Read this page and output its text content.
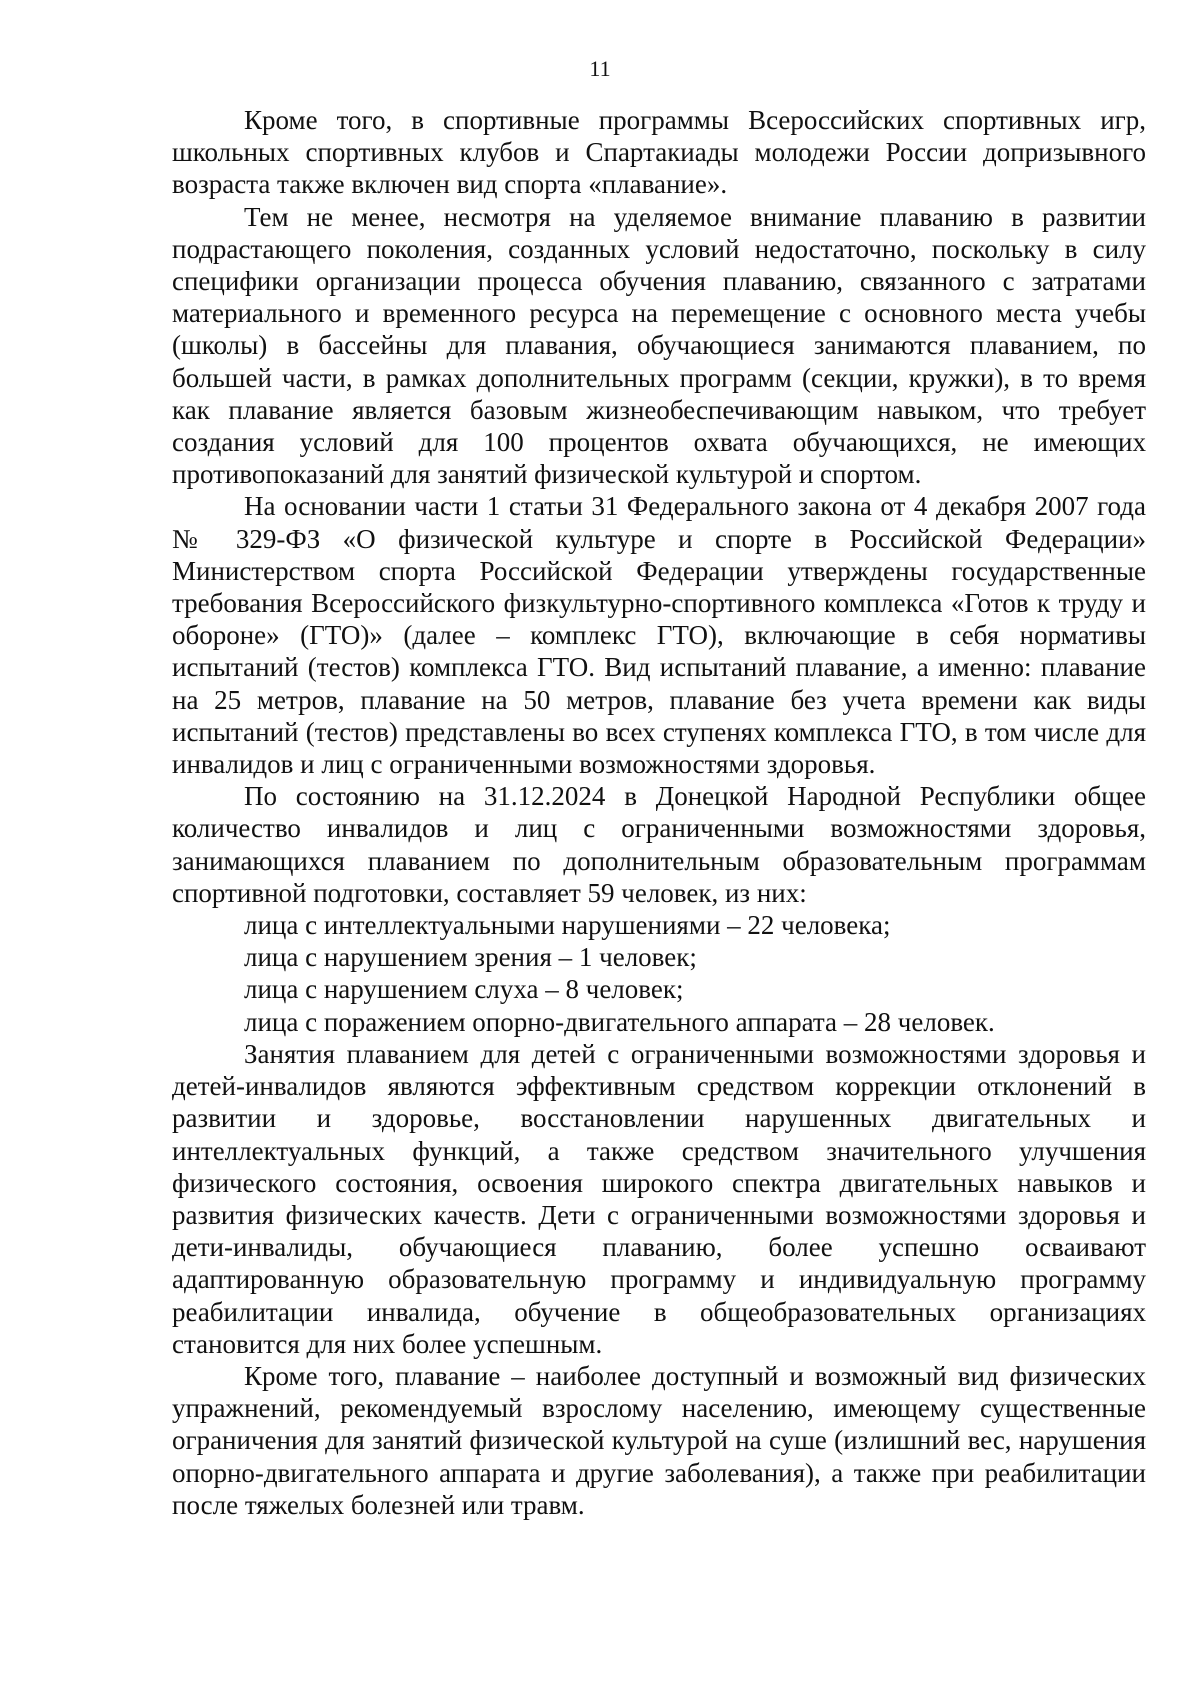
11

Кроме того, в спортивные программы Всероссийских спортивных игр, школьных спортивных клубов и Спартакиады молодежи России допризывного возраста также включен вид спорта «плавание».

Тем не менее, несмотря на уделяемое внимание плаванию в развитии подрастающего поколения, созданных условий недостаточно, поскольку в силу специфики организации процесса обучения плаванию, связанного с затратами материального и временного ресурса на перемещение с основного места учебы (школы) в бассейны для плавания, обучающиеся занимаются плаванием, по большей части, в рамках дополнительных программ (секции, кружки), в то время как плавание является базовым жизнеобеспечивающим навыком, что требует создания условий для 100 процентов охвата обучающихся, не имеющих противопоказаний для занятий физической культурой и спортом.

На основании части 1 статьи 31 Федерального закона от 4 декабря 2007 года № 329-ФЗ «О физической культуре и спорте в Российской Федерации» Министерством спорта Российской Федерации утверждены государственные требования Всероссийского физкультурно-спортивного комплекса «Готов к труду и обороне» (ГТО)» (далее – комплекс ГТО), включающие в себя нормативы испытаний (тестов) комплекса ГТО. Вид испытаний плавание, а именно: плавание на 25 метров, плавание на 50 метров, плавание без учета времени как виды испытаний (тестов) представлены во всех ступенях комплекса ГТО, в том числе для инвалидов и лиц с ограниченными возможностями здоровья.

По состоянию на 31.12.2024 в Донецкой Народной Республики общее количество инвалидов и лиц с ограниченными возможностями здоровья, занимающихся плаванием по дополнительным образовательным программам спортивной подготовки, составляет 59 человек, из них:

лица с интеллектуальными нарушениями – 22 человека;

лица с нарушением зрения – 1 человек;

лица с нарушением слуха – 8 человек;

лица с поражением опорно-двигательного аппарата – 28 человек.

Занятия плаванием для детей с ограниченными возможностями здоровья и детей-инвалидов являются эффективным средством коррекции отклонений в развитии и здоровье, восстановлении нарушенных двигательных и интеллектуальных функций, а также средством значительного улучшения физического состояния, освоения широкого спектра двигательных навыков и развития физических качеств. Дети с ограниченными возможностями здоровья и дети-инвалиды, обучающиеся плаванию, более успешно осваивают адаптированную образовательную программу и индивидуальную программу реабилитации инвалида, обучение в общеобразовательных организациях становится для них более успешным.

Кроме того, плавание – наиболее доступный и возможный вид физических упражнений, рекомендуемый взрослому населению, имеющему существенные ограничения для занятий физической культурой на суше (излишний вес, нарушения опорно-двигательного аппарата и другие заболевания), а также при реабилитации после тяжелых болезней или травм.
